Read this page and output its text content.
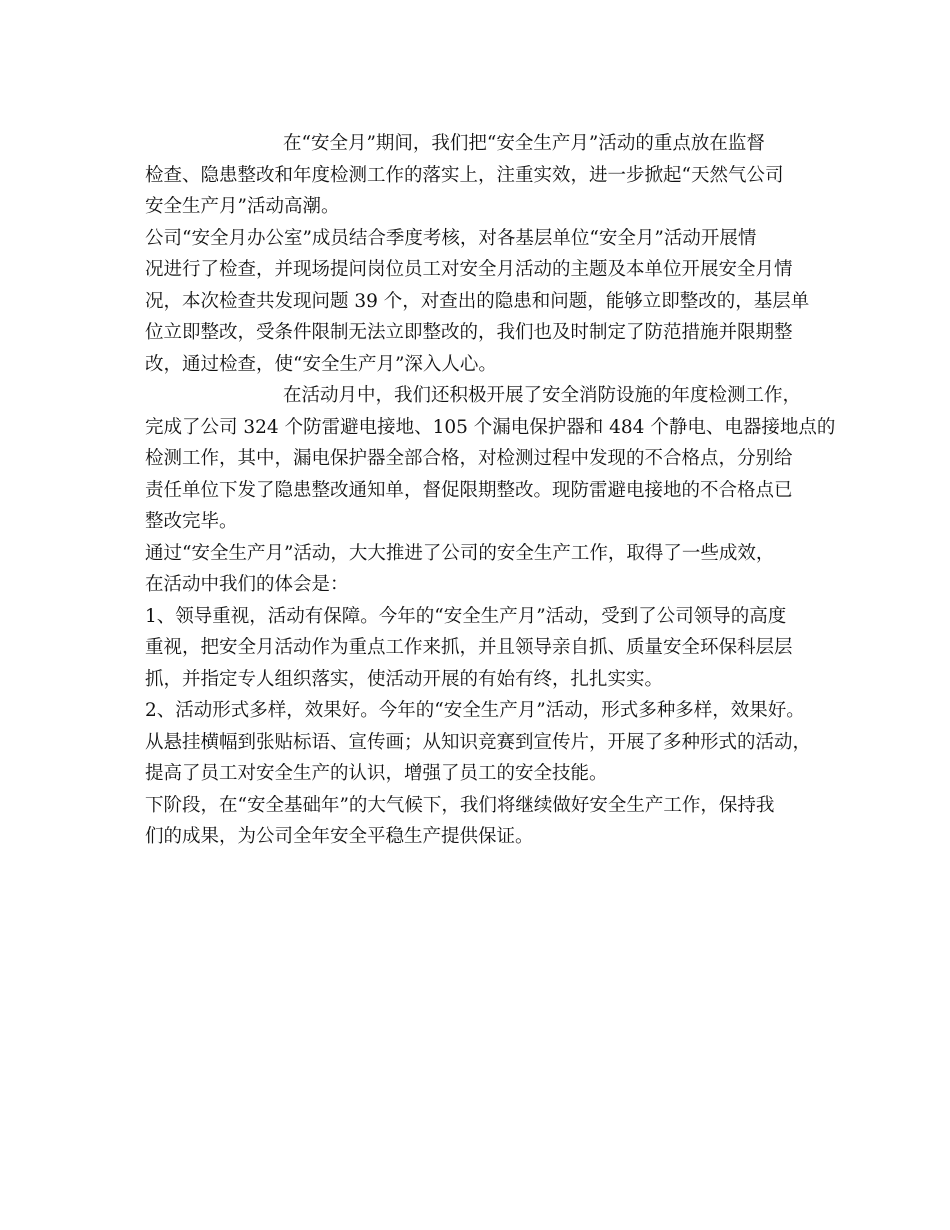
在“安全月”期间，我们把“安全生产月”活动的重点放在监督
检查、隐患整改和年度检测工作的落实上，注重实效，进一步掀起“天然气公司
安全生产月”活动高潮。
公司“安全月办公室”成员结合季度考核，对各基层单位“安全月”活动开展情
况进行了检查，并现场提问岗位员工对安全月活动的主题及本单位开展安全月情
况，本次检查共发现问题 39 个，对查出的隐患和问题，能够立即整改的，基层单
位立即整改，受条件限制无法立即整改的，我们也及时制定了防范措施并限期整
改，通过检查，使“安全生产月”深入人心。
在活动月中，我们还积极开展了安全消防设施的年度检测工作，
完成了公司 324 个防雷避电接地、105 个漏电保护器和 484 个静电、电器接地点的
检测工作，其中，漏电保护器全部合格，对检测过程中发现的不合格点，分别给
责任单位下发了隐患整改通知单，督促限期整改。现防雷避电接地的不合格点已
整改完毕。
通过“安全生产月”活动，大大推进了公司的安全生产工作，取得了一些成效，
在活动中我们的体会是：
1、领导重视，活动有保障。今年的“安全生产月”活动，受到了公司领导的高度
重视，把安全月活动作为重点工作来抓，并且领导亲自抓、质量安全环保科层层
抓，并指定专人组织落实，使活动开展的有始有终，扎扎实实。
2、活动形式多样，效果好。今年的“安全生产月”活动，形式多种多样，效果好。
从悬挂横幅到张贴标语、宣传画；从知识竞赛到宣传片，开展了多种形式的活动，
提高了员工对安全生产的认识，增强了员工的安全技能。
下阶段，在“安全基础年”的大气候下，我们将继续做好安全生产工作，保持我
们的成果，为公司全年安全平稳生产提供保证。
